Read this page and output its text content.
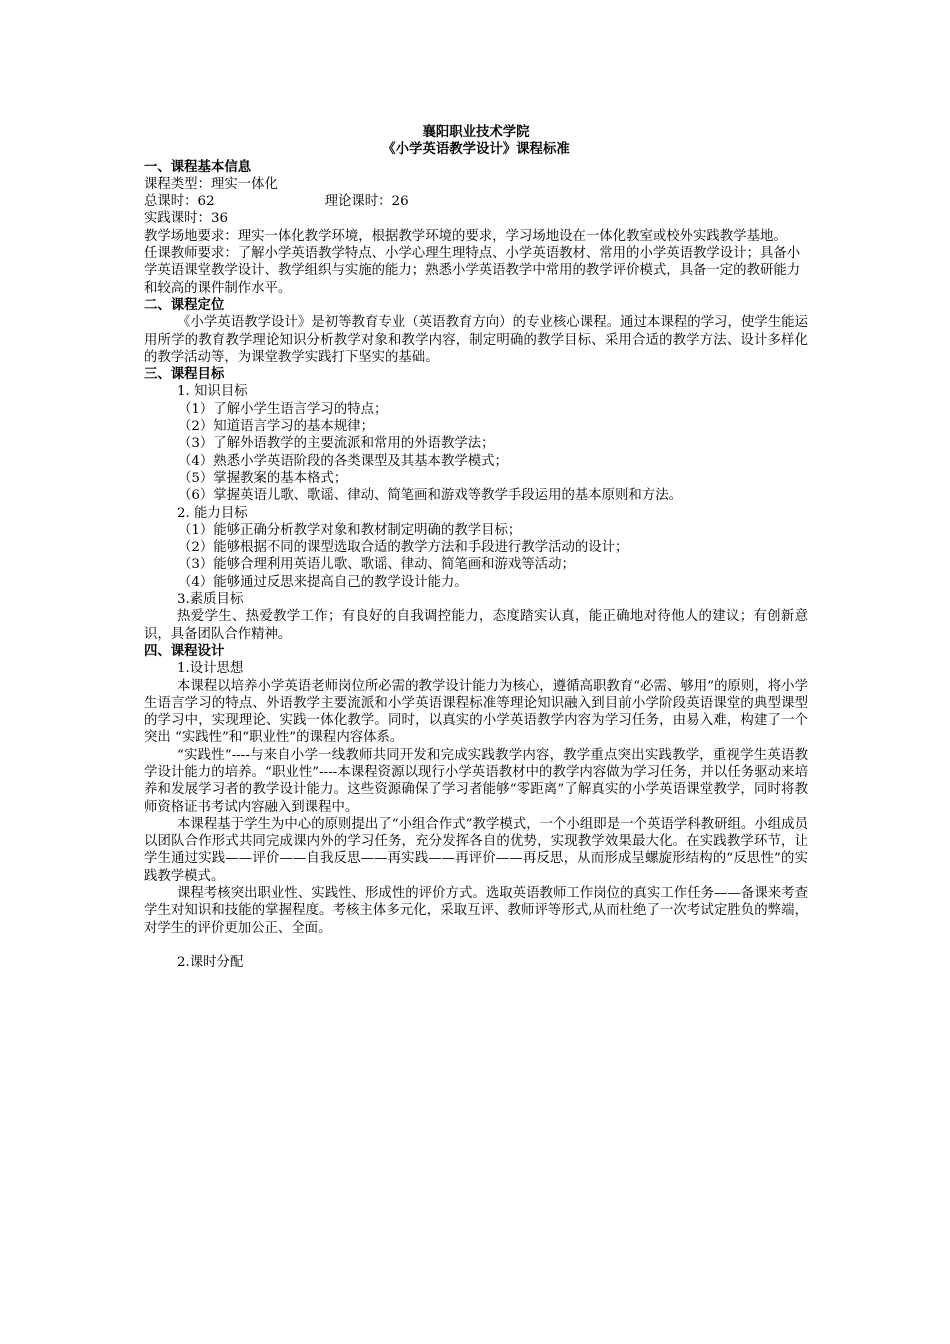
襄阳职业技术学院
《小学英语教学设计》课程标准
一、课程基本信息
课程类型：理实一体化
总课时：62	理论课时：26
实践课时：36
教学场地要求：理实一体化教学环境，根据教学环境的要求，学习场地设在一体化教室或校外实践教学基地。
任课教师要求：了解小学英语教学特点、小学心理生理特点、小学英语教材、常用的小学英语教学设计；具备小学英语课堂教学设计、教学组织与实施的能力；熟悉小学英语教学中常用的教学评价模式，具备一定的教研能力和较高的课件制作水平。
二、课程定位
《小学英语教学设计》是初等教育专业（英语教育方向）的专业核心课程。通过本课程的学习，使学生能运用所学的教育教学理论知识分析教学对象和教学内容，制定明确的教学目标、采用合适的教学方法、设计多样化的教学活动等，为课堂教学实践打下坚实的基础。
三、课程目标
1. 知识目标
（1）了解小学生语言学习的特点；
（2）知道语言学习的基本规律；
（3）了解外语教学的主要流派和常用的外语教学法；
（4）熟悉小学英语阶段的各类课型及其基本教学模式；
（5）掌握教案的基本格式；
（6）掌握英语儿歌、歌谣、律动、简笔画和游戏等教学手段运用的基本原则和方法。
2. 能力目标
（1）能够正确分析教学对象和教材制定明确的教学目标；
（2）能够根据不同的课型选取合适的教学方法和手段进行教学活动的设计；
（3）能够合理利用英语儿歌、歌谣、律动、简笔画和游戏等活动；
（4）能够通过反思来提高自己的教学设计能力。
3.素质目标
热爱学生、热爱教学工作；有良好的自我调控能力，态度踏实认真，能正确地对待他人的建议；有创新意识，具备团队合作精神。
四、课程设计
1.设计思想
本课程以培养小学英语老师岗位所必需的教学设计能力为核心，遵循高职教育“必需、够用”的原则，将小学生语言学习的特点、外语教学主要流派和小学英语课程标准等理论知识融入到目前小学阶段英语课堂的典型课型的学习中，实现理论、实践一体化教学。同时，以真实的小学英语教学内容为学习任务，由易入难，构建了一个突出 “实践性”和“职业性”的课程内容体系。
“实践性”----与来自小学一线教师共同开发和完成实践教学内容，教学重点突出实践教学，重视学生英语教学设计能力的培养。“职业性”----本课程资源以现行小学英语教材中的教学内容做为学习任务，并以任务驱动来培养和发展学习者的教学设计能力。这些资源确保了学习者能够“零距离”了解真实的小学英语课堂教学，同时将教师资格证书考试内容融入到课程中。
本课程基于学生为中心的原则提出了“小组合作式”教学模式，一个小组即是一个英语学科教研组。小组成员以团队合作形式共同完成课内外的学习任务，充分发挥各自的优势，实现教学效果最大化。在实践教学环节，让学生通过实践——评价——自我反思——再实践——再评价——再反思，从而形成呈螺旋形结构的“反思性”的实践教学模式。
课程考核突出职业性、实践性、形成性的评价方式。选取英语教师工作岗位的真实工作任务——备课来考查学生对知识和技能的掌握程度。考核主体多元化，采取互评、教师评等形式,从而杜绝了一次考试定胜负的弊端，对学生的评价更加公正、全面。
2.课时分配
